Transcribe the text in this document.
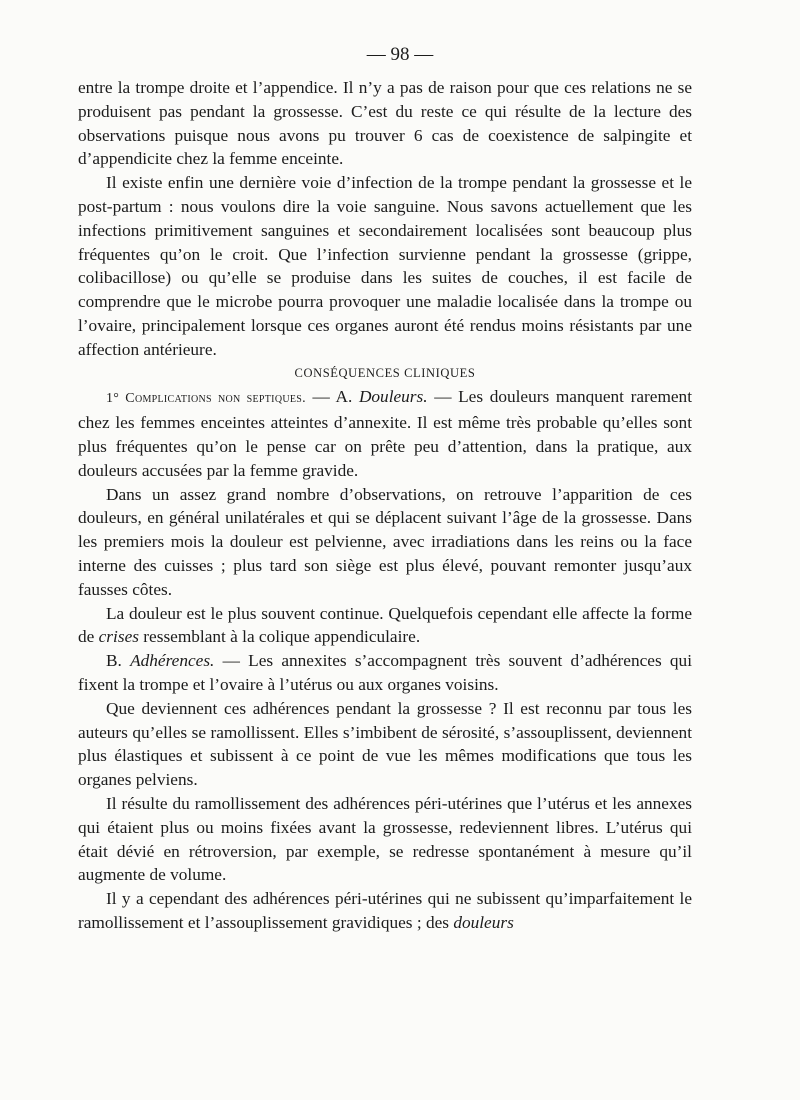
— 98 —

entre la trompe droite et l’appendice. Il n’y a pas de raison pour que ces relations ne se produisent pas pendant la grossesse. C’est du reste ce qui résulte de la lecture des observations puisque nous avons pu trouver 6 cas de coexistence de salpingite et d’appendicite chez la femme enceinte.

Il existe enfin une dernière voie d’infection de la trompe pendant la grossesse et le post-partum : nous voulons dire la voie sanguine. Nous savons actuellement que les infections primitivement sanguines et secondairement localisées sont beaucoup plus fréquentes qu’on le croit. Que l’infection survienne pendant la grossesse (grippe, colibacillose) ou qu’elle se produise dans les suites de couches, il est facile de comprendre que le microbe pourra provoquer une maladie localisée dans la trompe ou l’ovaire, principalement lorsque ces organes auront été rendus moins résistants par une affection antérieure.

CONSÉQUENCES CLINIQUES

1° Complications non septiques. — A. Douleurs. — Les douleurs manquent rarement chez les femmes enceintes atteintes d’annexite. Il est même très probable qu’elles sont plus fréquentes qu’on le pense car on prête peu d’attention, dans la pratique, aux douleurs accusées par la femme gravide.

Dans un assez grand nombre d’observations, on retrouve l’apparition de ces douleurs, en général unilatérales et qui se déplacent suivant l’âge de la grossesse. Dans les premiers mois la douleur est pelvienne, avec irradiations dans les reins ou la face interne des cuisses ; plus tard son siège est plus élevé, pouvant remonter jusqu’aux fausses côtes.

La douleur est le plus souvent continue. Quelquefois cependant elle affecte la forme de crises ressemblant à la colique appendiculaire.

B. Adhérences. — Les annexites s’accompagnent très souvent d’adhérences qui fixent la trompe et l’ovaire à l’utérus ou aux organes voisins.

Que deviennent ces adhérences pendant la grossesse ? Il est reconnu par tous les auteurs qu’elles se ramollissent. Elles s’imbibent de sérosité, s’assouplissent, deviennent plus élastiques et subissent à ce point de vue les mêmes modifications que tous les organes pelviens.

Il résulte du ramollissement des adhérences péri-utérines que l’utérus et les annexes qui étaient plus ou moins fixées avant la grossesse, redeviennent libres. L’utérus qui était dévié en rétroversion, par exemple, se redresse spontanément à mesure qu’il augmente de volume.

Il y a cependant des adhérences péri-utérines qui ne subissent qu’imparfaitement le ramollissement et l’assouplissement gravidiques ; des douleurs
